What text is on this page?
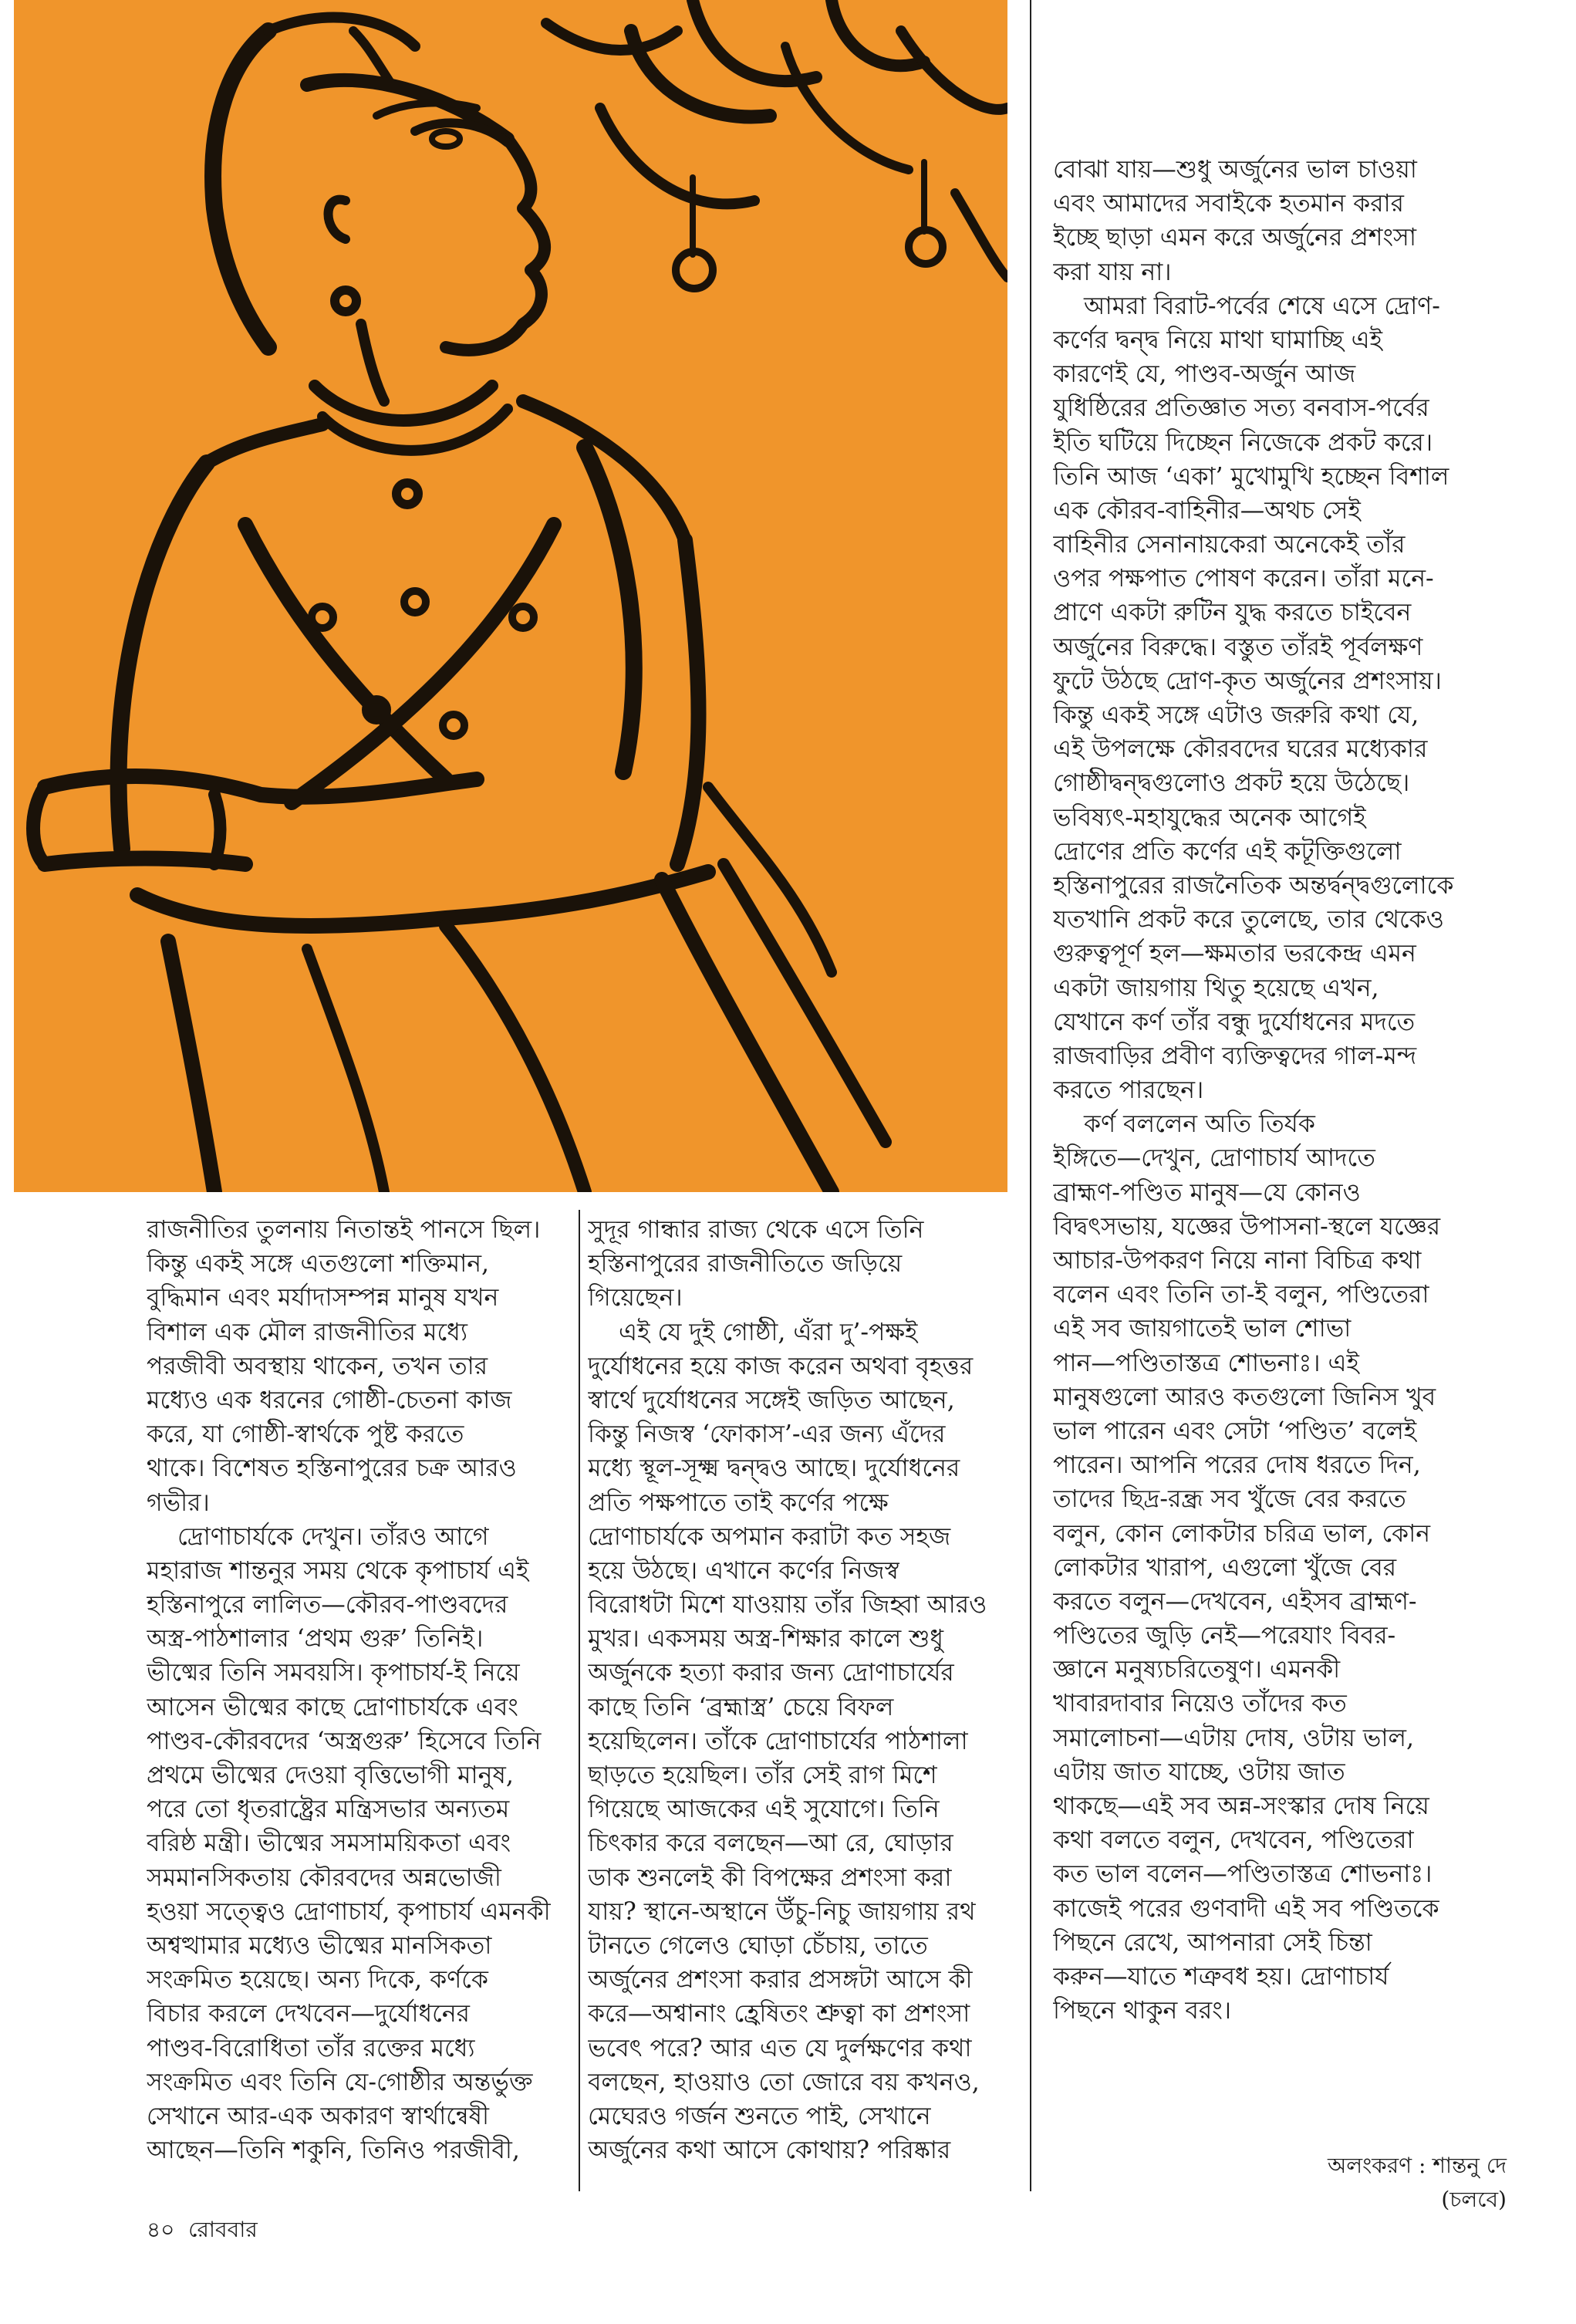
বোঝা যায়—শুধু অর্জুনের ভাল চাওয়া
এবং আমাদের সবাইকে হতমান করার
ইচ্ছে ছাড়া এমন করে অর্জুনের প্রশংসা
করা যায় না।
আমরা বিরাট-পর্বের শেষে এসে দ্রোণ-
কর্ণের দ্বন্দ্ব নিয়ে মাথা ঘামাচ্ছি এই
কারণেই যে, পাণ্ডব-অর্জুন আজ
যুধিষ্ঠিরের প্রতিজ্ঞাত সত্য বনবাস-পর্বের
ইতি ঘটিয়ে দিচ্ছেন নিজেকে প্রকট করে।
তিনি আজ ‘একা’ মুখোমুখি হচ্ছেন বিশাল
এক কৌরব-বাহিনীর—অথচ সেই
বাহিনীর সেনানায়কেরা অনেকেই তাঁর
ওপর পক্ষপাত পোষণ করেন। তাঁরা মনে-
প্রাণে একটা রুটিন যুদ্ধ করতে চাইবেন
অর্জুনের বিরুদ্ধে। বস্তুত তাঁরই পূর্বলক্ষণ
ফুটে উঠছে দ্রোণ-কৃত অর্জুনের প্রশংসায়।
কিন্তু একই সঙ্গে এটাও জরুরি কথা যে,
এই উপলক্ষে কৌরবদের ঘরের মধ্যেকার
গোষ্ঠীদ্বন্দ্বগুলোও প্রকট হয়ে উঠেছে।
ভবিষ্যৎ-মহাযুদ্ধের অনেক আগেই
দ্রোণের প্রতি কর্ণের এই কটূক্তিগুলো
হস্তিনাপুরের রাজনৈতিক অন্তর্দ্বন্দ্বগুলোকে
যতখানি প্রকট করে তুলেছে, তার থেকেও
গুরুত্বপূর্ণ হল—ক্ষমতার ভরকেন্দ্র এমন
একটা জায়গায় থিতু হয়েছে এখন,
যেখানে কর্ণ তাঁর বন্ধু দুর্যোধনের মদতে
রাজবাড়ির প্রবীণ ব্যক্তিত্বদের গাল-মন্দ
করতে পারছেন।
কর্ণ বললেন অতি তির্যক
ইঙ্গিতে—দেখুন, দ্রোণাচার্য আদতে
ব্রাহ্মণ-পণ্ডিত মানুষ—যে কোনও
বিদ্বৎসভায়, যজ্ঞের উপাসনা-স্থলে যজ্ঞের
আচার-উপকরণ নিয়ে নানা বিচিত্র কথা
বলেন এবং তিনি তা-ই বলুন, পণ্ডিতেরা
এই সব জায়গাতেই ভাল শোভা
পান—পণ্ডিতাস্তত্র শোভনাঃ। এই
মানুষগুলো আরও কতগুলো জিনিস খুব
ভাল পারেন এবং সেটা ‘পণ্ডিত’ বলেই
পারেন। আপনি পরের দোষ ধরতে দিন,
তাদের ছিদ্র-রন্ধ্র সব খুঁজে বের করতে
বলুন, কোন লোকটার চরিত্র ভাল, কোন
লোকটার খারাপ, এগুলো খুঁজে বের
করতে বলুন—দেখবেন, এইসব ব্রাহ্মণ-
পণ্ডিতের জুড়ি নেই—পরেযাং বিবর-
জ্ঞানে মনুষ্যচরিতেষুণ। এমনকী
খাবারদাবার নিয়েও তাঁদের কত
সমালোচনা—এটায় দোষ, ওটায় ভাল,
এটায় জাত যাচ্ছে, ওটায় জাত
থাকছে—এই সব অন্ন-সংস্কার দোষ নিয়ে
কথা বলতে বলুন, দেখবেন, পণ্ডিতেরা
কত ভাল বলেন—পণ্ডিতাস্তত্র শোভনাঃ।
কাজেই পরের গুণবাদী এই সব পণ্ডিতকে
পিছনে রেখে, আপনারা সেই চিন্তা
করুন—যাতে শত্রুবধ হয়। দ্রোণাচার্য
পিছনে থাকুন বরং।
রাজনীতির তুলনায় নিতান্তই পানসে ছিল।
কিন্তু একই সঙ্গে এতগুলো শক্তিমান,
বুদ্ধিমান এবং মর্যাদাসম্পন্ন মানুষ যখন
বিশাল এক মৌল রাজনীতির মধ্যে
পরজীবী অবস্থায় থাকেন, তখন তার
মধ্যেও এক ধরনের গোষ্ঠী-চেতনা কাজ
করে, যা গোষ্ঠী-স্বার্থকে পুষ্ট করতে
থাকে। বিশেষত হস্তিনাপুরের চক্র আরও
গভীর।
দ্রোণাচার্যকে দেখুন। তাঁরও আগে
মহারাজ শান্তনুর সময় থেকে কৃপাচার্য এই
হস্তিনাপুরে লালিত—কৌরব-পাণ্ডবদের
অস্ত্র-পাঠশালার ‘প্রথম গুরু’ তিনিই।
ভীষ্মের তিনি সমবয়সি। কৃপাচার্য-ই নিয়ে
আসেন ভীষ্মের কাছে দ্রোণাচার্যকে এবং
পাণ্ডব-কৌরবদের ‘অস্ত্রগুরু’ হিসেবে তিনি
প্রথমে ভীষ্মের দেওয়া বৃত্তিভোগী মানুষ,
পরে তো ধৃতরাষ্ট্রের মন্ত্রিসভার অন্যতম
বরিষ্ঠ মন্ত্রী। ভীষ্মের সমসাময়িকতা এবং
সমমানসিকতায় কৌরবদের অন্নভোজী
হওয়া সত্ত্বেও দ্রোণাচার্য, কৃপাচার্য এমনকী
অশ্বত্থামার মধ্যেও ভীষ্মের মানসিকতা
সংক্রমিত হয়েছে। অন্য দিকে, কর্ণকে
বিচার করলে দেখবেন—দুর্যোধনের
পাণ্ডব-বিরোধিতা তাঁর রক্তের মধ্যে
সংক্রমিত এবং তিনি যে-গোষ্ঠীর অন্তর্ভুক্ত
সেখানে আর-এক অকারণ স্বার্থান্বেষী
আছেন—তিনি শকুনি, তিনিও পরজীবী,
সুদূর গান্ধার রাজ্য থেকে এসে তিনি
হস্তিনাপুরের রাজনীতিতে জড়িয়ে
গিয়েছেন।
এই যে দুই গোষ্ঠী, এঁরা দু’-পক্ষই
দুর্যোধনের হয়ে কাজ করেন অথবা বৃহত্তর
স্বার্থে দুর্যোধনের সঙ্গেই জড়িত আছেন,
কিন্তু নিজস্ব ‘ফোকাস’-এর জন্য এঁদের
মধ্যে স্থূল-সূক্ষ্ম দ্বন্দ্বও আছে। দুর্যোধনের
প্রতি পক্ষপাতে তাই কর্ণের পক্ষে
দ্রোণাচার্যকে অপমান করাটা কত সহজ
হয়ে উঠছে। এখানে কর্ণের নিজস্ব
বিরোধটা মিশে যাওয়ায় তাঁর জিহ্বা আরও
মুখর। একসময় অস্ত্র-শিক্ষার কালে শুধু
অর্জুনকে হত্যা করার জন্য দ্রোণাচার্যের
কাছে তিনি ‘ব্রহ্মাস্ত্র’ চেয়ে বিফল
হয়েছিলেন। তাঁকে দ্রোণাচার্যের পাঠশালা
ছাড়তে হয়েছিল। তাঁর সেই রাগ মিশে
গিয়েছে আজকের এই সুযোগে। তিনি
চিৎকার করে বলছেন—আ রে, ঘোড়ার
ডাক শুনলেই কী বিপক্ষের প্রশংসা করা
যায়? স্থানে-অস্থানে উঁচু-নিচু জায়গায় রথ
টানতে গেলেও ঘোড়া চেঁচায়, তাতে
অর্জুনের প্রশংসা করার প্রসঙ্গটা আসে কী
করে—অশ্বানাং হ্রেষিতং শ্রুত্বা কা প্রশংসা
ভবেৎ পরে? আর এত যে দুর্লক্ষণের কথা
বলছেন, হাওয়াও তো জোরে বয় কখনও,
মেঘেরও গর্জন শুনতে পাই, সেখানে
অর্জুনের কথা আসে কোথায়? পরিষ্কার
অলংকরণ : শান্তনু দে
(চলবে)
৪০  রোববার
